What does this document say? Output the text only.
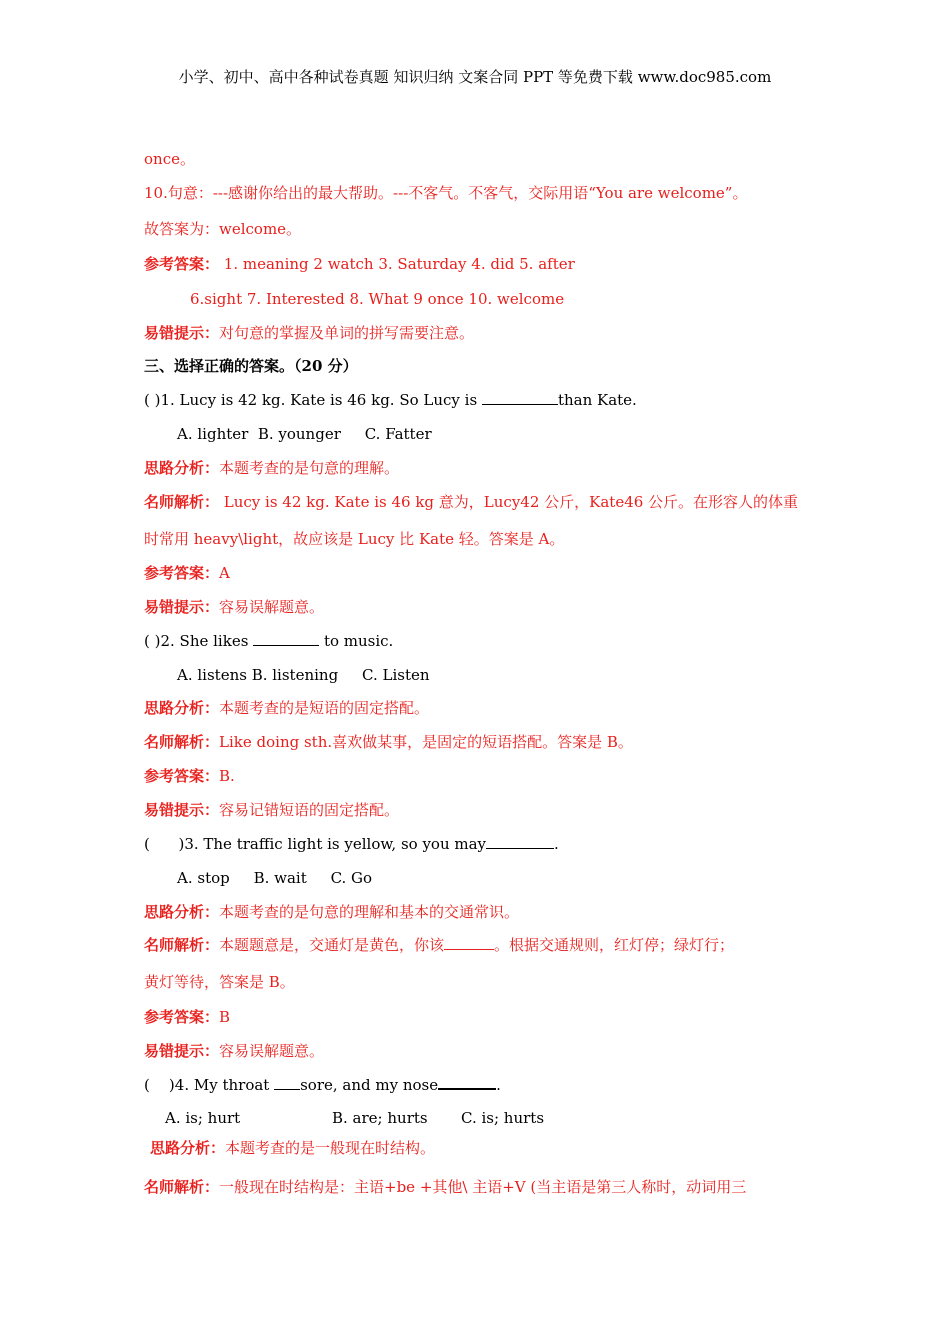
小学、初中、高中各种试卷真题 知识归纳 文案合同 PPT 等免费下载 www.doc985.com
once。
10.句意：---感谢你给出的最大帮助。---不客气。不客气，交际用语“You are welcome”。
故答案为：welcome。
参考答案： 1. meaning 2 watch 3. Saturday 4. did 5. after
6.sight 7. Interested 8. What 9 once 10. welcome
易错提示：对句意的掌握及单词的拼写需要注意。
三、选择正确的答案。（20 分）
( )1. Lucy is 42 kg. Kate is 46 kg. So Lucy is	than Kate.
A. lighter  B. younger     C. Fatter
思路分析：本题考查的是句意的理解。
名师解析： Lucy is 42 kg. Kate is 46 kg 意为，Lucy42 公斤，Kate46 公斤。在形容人的体重
时常用 heavy\light，故应该是 Lucy 比 Kate 轻。答案是 A。
参考答案：A
易错提示：容易误解题意。
( )2. She likes	to music.
A. listens B. listening     C. Listen
思路分析：本题考查的是短语的固定搭配。
名师解析：Like doing sth.喜欢做某事，是固定的短语搭配。答案是 B。
参考答案：B.
易错提示：容易记错短语的固定搭配。
(      )3. The traffic light is yellow, so you may	.
A. stop     B. wait     C. Go
思路分析：本题考查的是句意的理解和基本的交通常识。
名师解析：本题题意是，交通灯是黄色，你该	。根据交通规则，红灯停；绿灯行；
黄灯等待，答案是 B。
参考答案：B
易错提示：容易误解题意。
(    )4. My throat sore, and my nose	.
A. is; hurt	B. are; hurts C. is; hurts
思路分析：本题考查的是一般现在时结构。
名师解析：一般现在时结构是：主语+be +其他\ 主语+V (当主语是第三人称时，动词用三
